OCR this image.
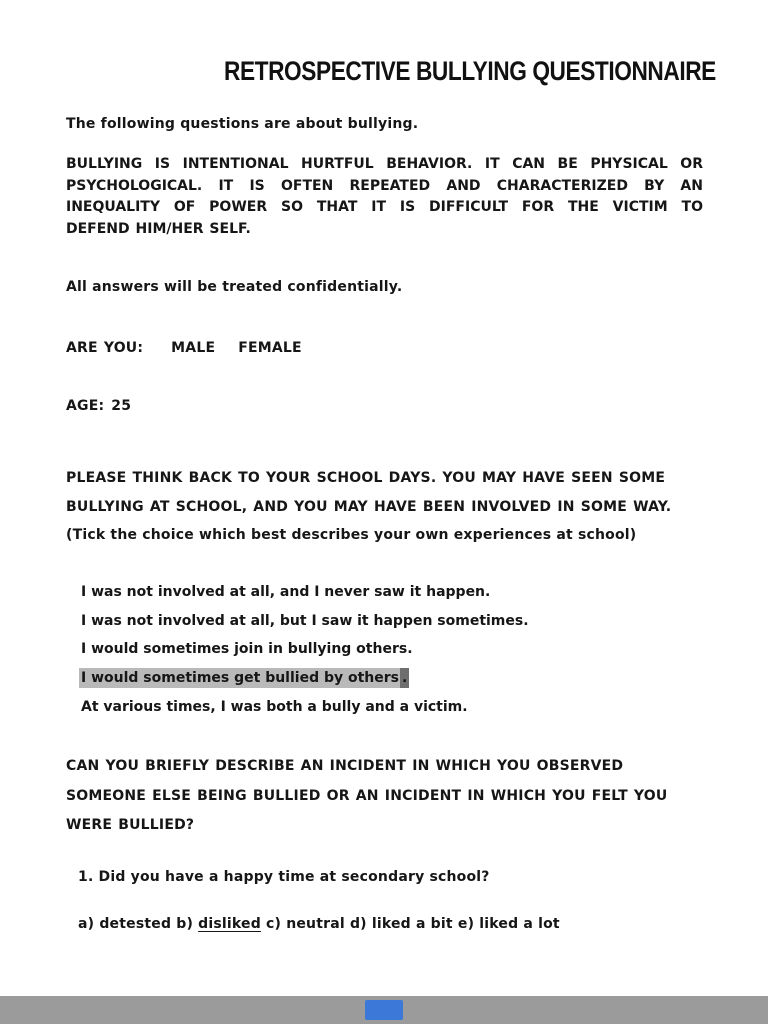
RETROSPECTIVE BULLYING QUESTIONNAIRE
The following questions are about bullying.
BULLYING IS INTENTIONAL HURTFUL BEHAVIOR. IT CAN BE PHYSICAL OR
PSYCHOLOGICAL. IT IS OFTEN REPEATED AND CHARACTERIZED BY AN
INEQUALITY OF POWER SO THAT IT IS DIFFICULT FOR THE VICTIM TO
DEFEND HIM/HER SELF.
All answers will be treated confidentially.
ARE YOU: MALE FEMALE
AGE: 25
PLEASE THINK BACK TO YOUR SCHOOL DAYS. YOU MAY HAVE SEEN SOME
BULLYING AT SCHOOL, AND YOU MAY HAVE BEEN INVOLVED IN SOME WAY.
(Tick the choice which best describes your own experiences at school)
I was not involved at all, and I never saw it happen.
I was not involved at all, but I saw it happen sometimes.
I would sometimes join in bullying others.
I would sometimes get bullied by others .
At various times, I was both a bully and a victim.
CAN YOU BRIEFLY DESCRIBE AN INCIDENT IN WHICH YOU OBSERVED
SOMEONE ELSE BEING BULLIED OR AN INCIDENT IN WHICH YOU FELT YOU
WERE BULLIED?
1. Did you have a happy time at secondary school?
a) detested b) disliked c) neutral d) liked a bit e) liked a lot
